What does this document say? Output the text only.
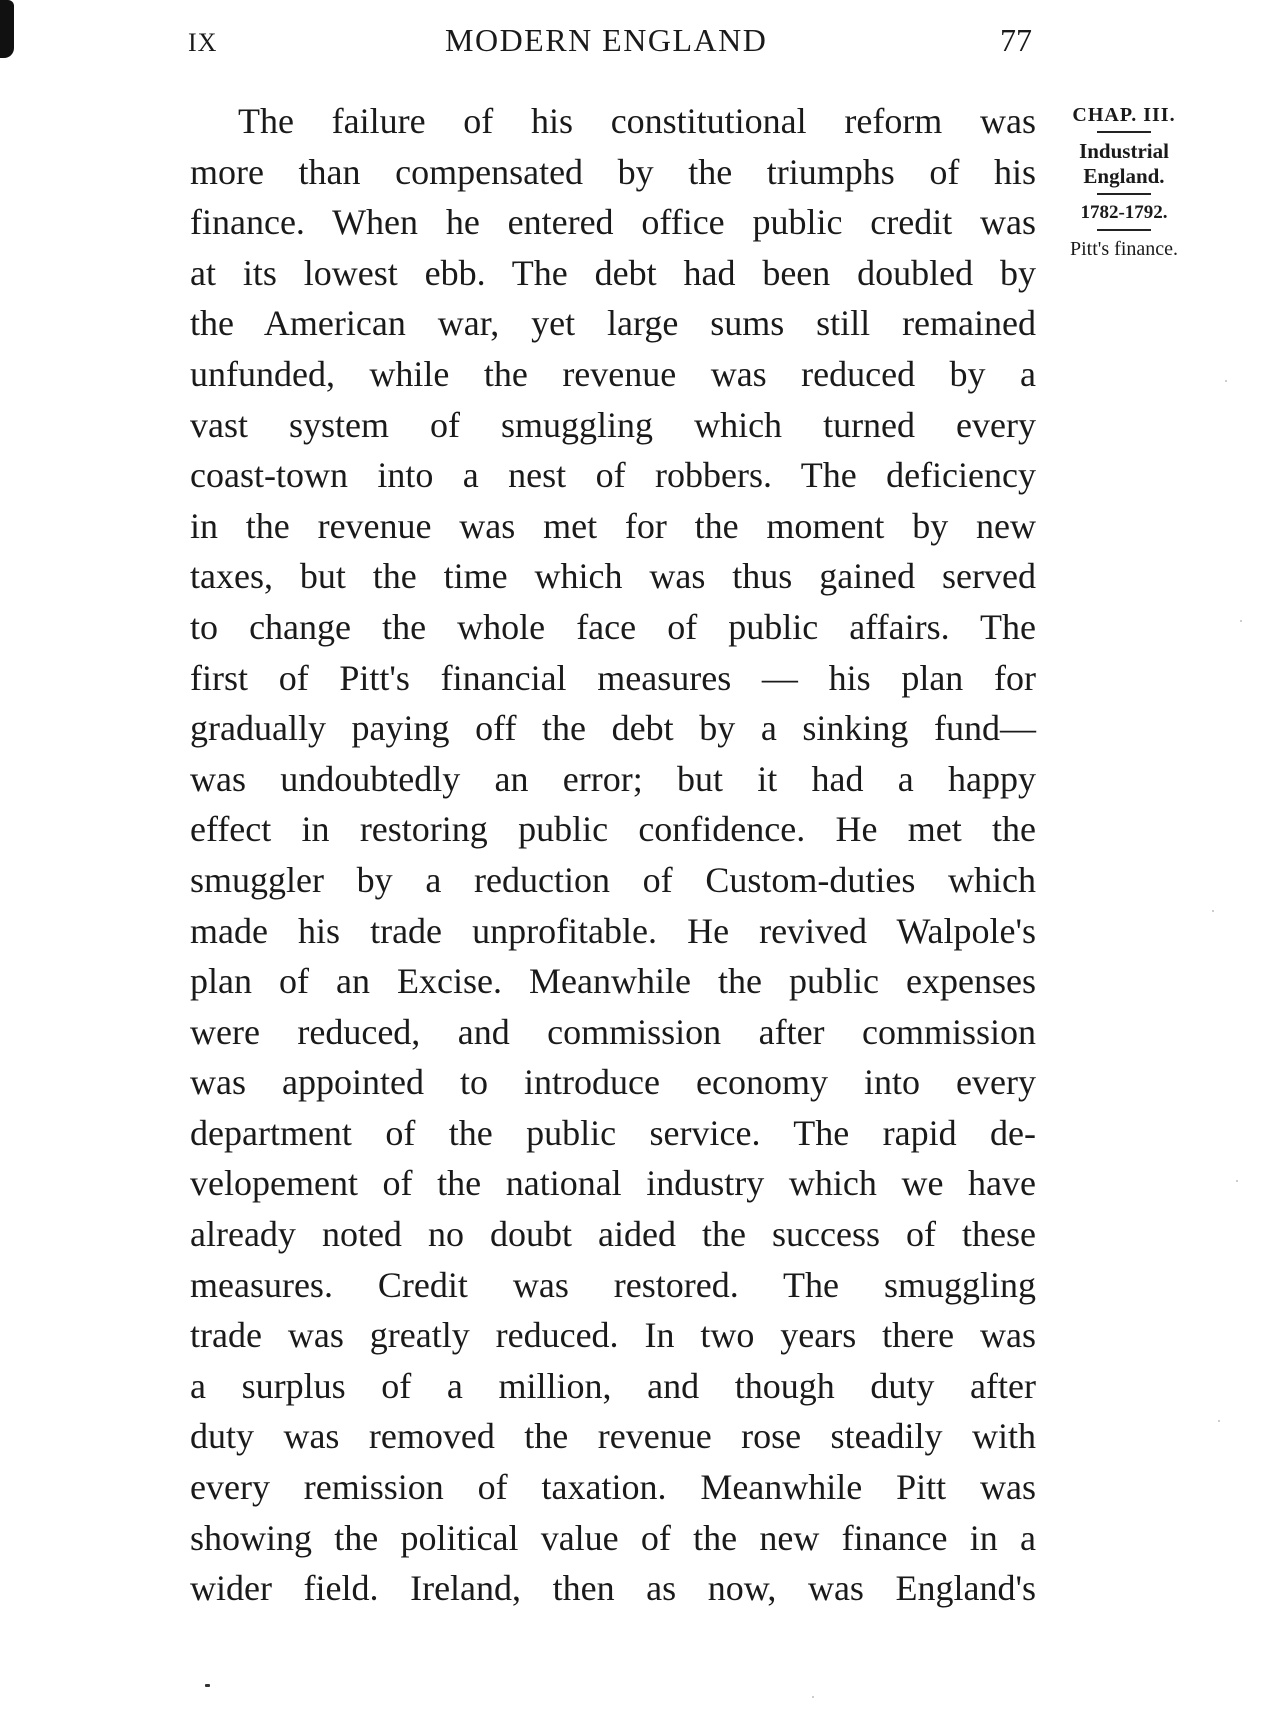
IX	MODERN ENGLAND	77
The failure of his constitutional reform was
more than compensated by the triumphs of his
finance. When he entered office public credit was
at its lowest ebb. The debt had been doubled by
the American war, yet large sums still remained
unfunded, while the revenue was reduced by a
vast system of smuggling which turned every
coast-town into a nest of robbers. The deficiency
in the revenue was met for the moment by new
taxes, but the time which was thus gained served
to change the whole face of public affairs. The
first of Pitt's financial measures — his plan for
gradually paying off the debt by a sinking fund—
was undoubtedly an error; but it had a happy
effect in restoring public confidence. He met the
smuggler by a reduction of Custom-duties which
made his trade unprofitable. He revived Walpole's
plan of an Excise. Meanwhile the public expenses
were reduced, and commission after commission
was appointed to introduce economy into every
department of the public service. The rapid de-
velopement of the national industry which we have
already noted no doubt aided the success of these
measures. Credit was restored. The smuggling
trade was greatly reduced. In two years there was
a surplus of a million, and though duty after
duty was removed the revenue rose steadily with
every remission of taxation. Meanwhile Pitt was
showing the political value of the new finance in a
wider field. Ireland, then as now, was England's
CHAP. III.
Industrial England.
1782-1792.
Pitt's finance.
